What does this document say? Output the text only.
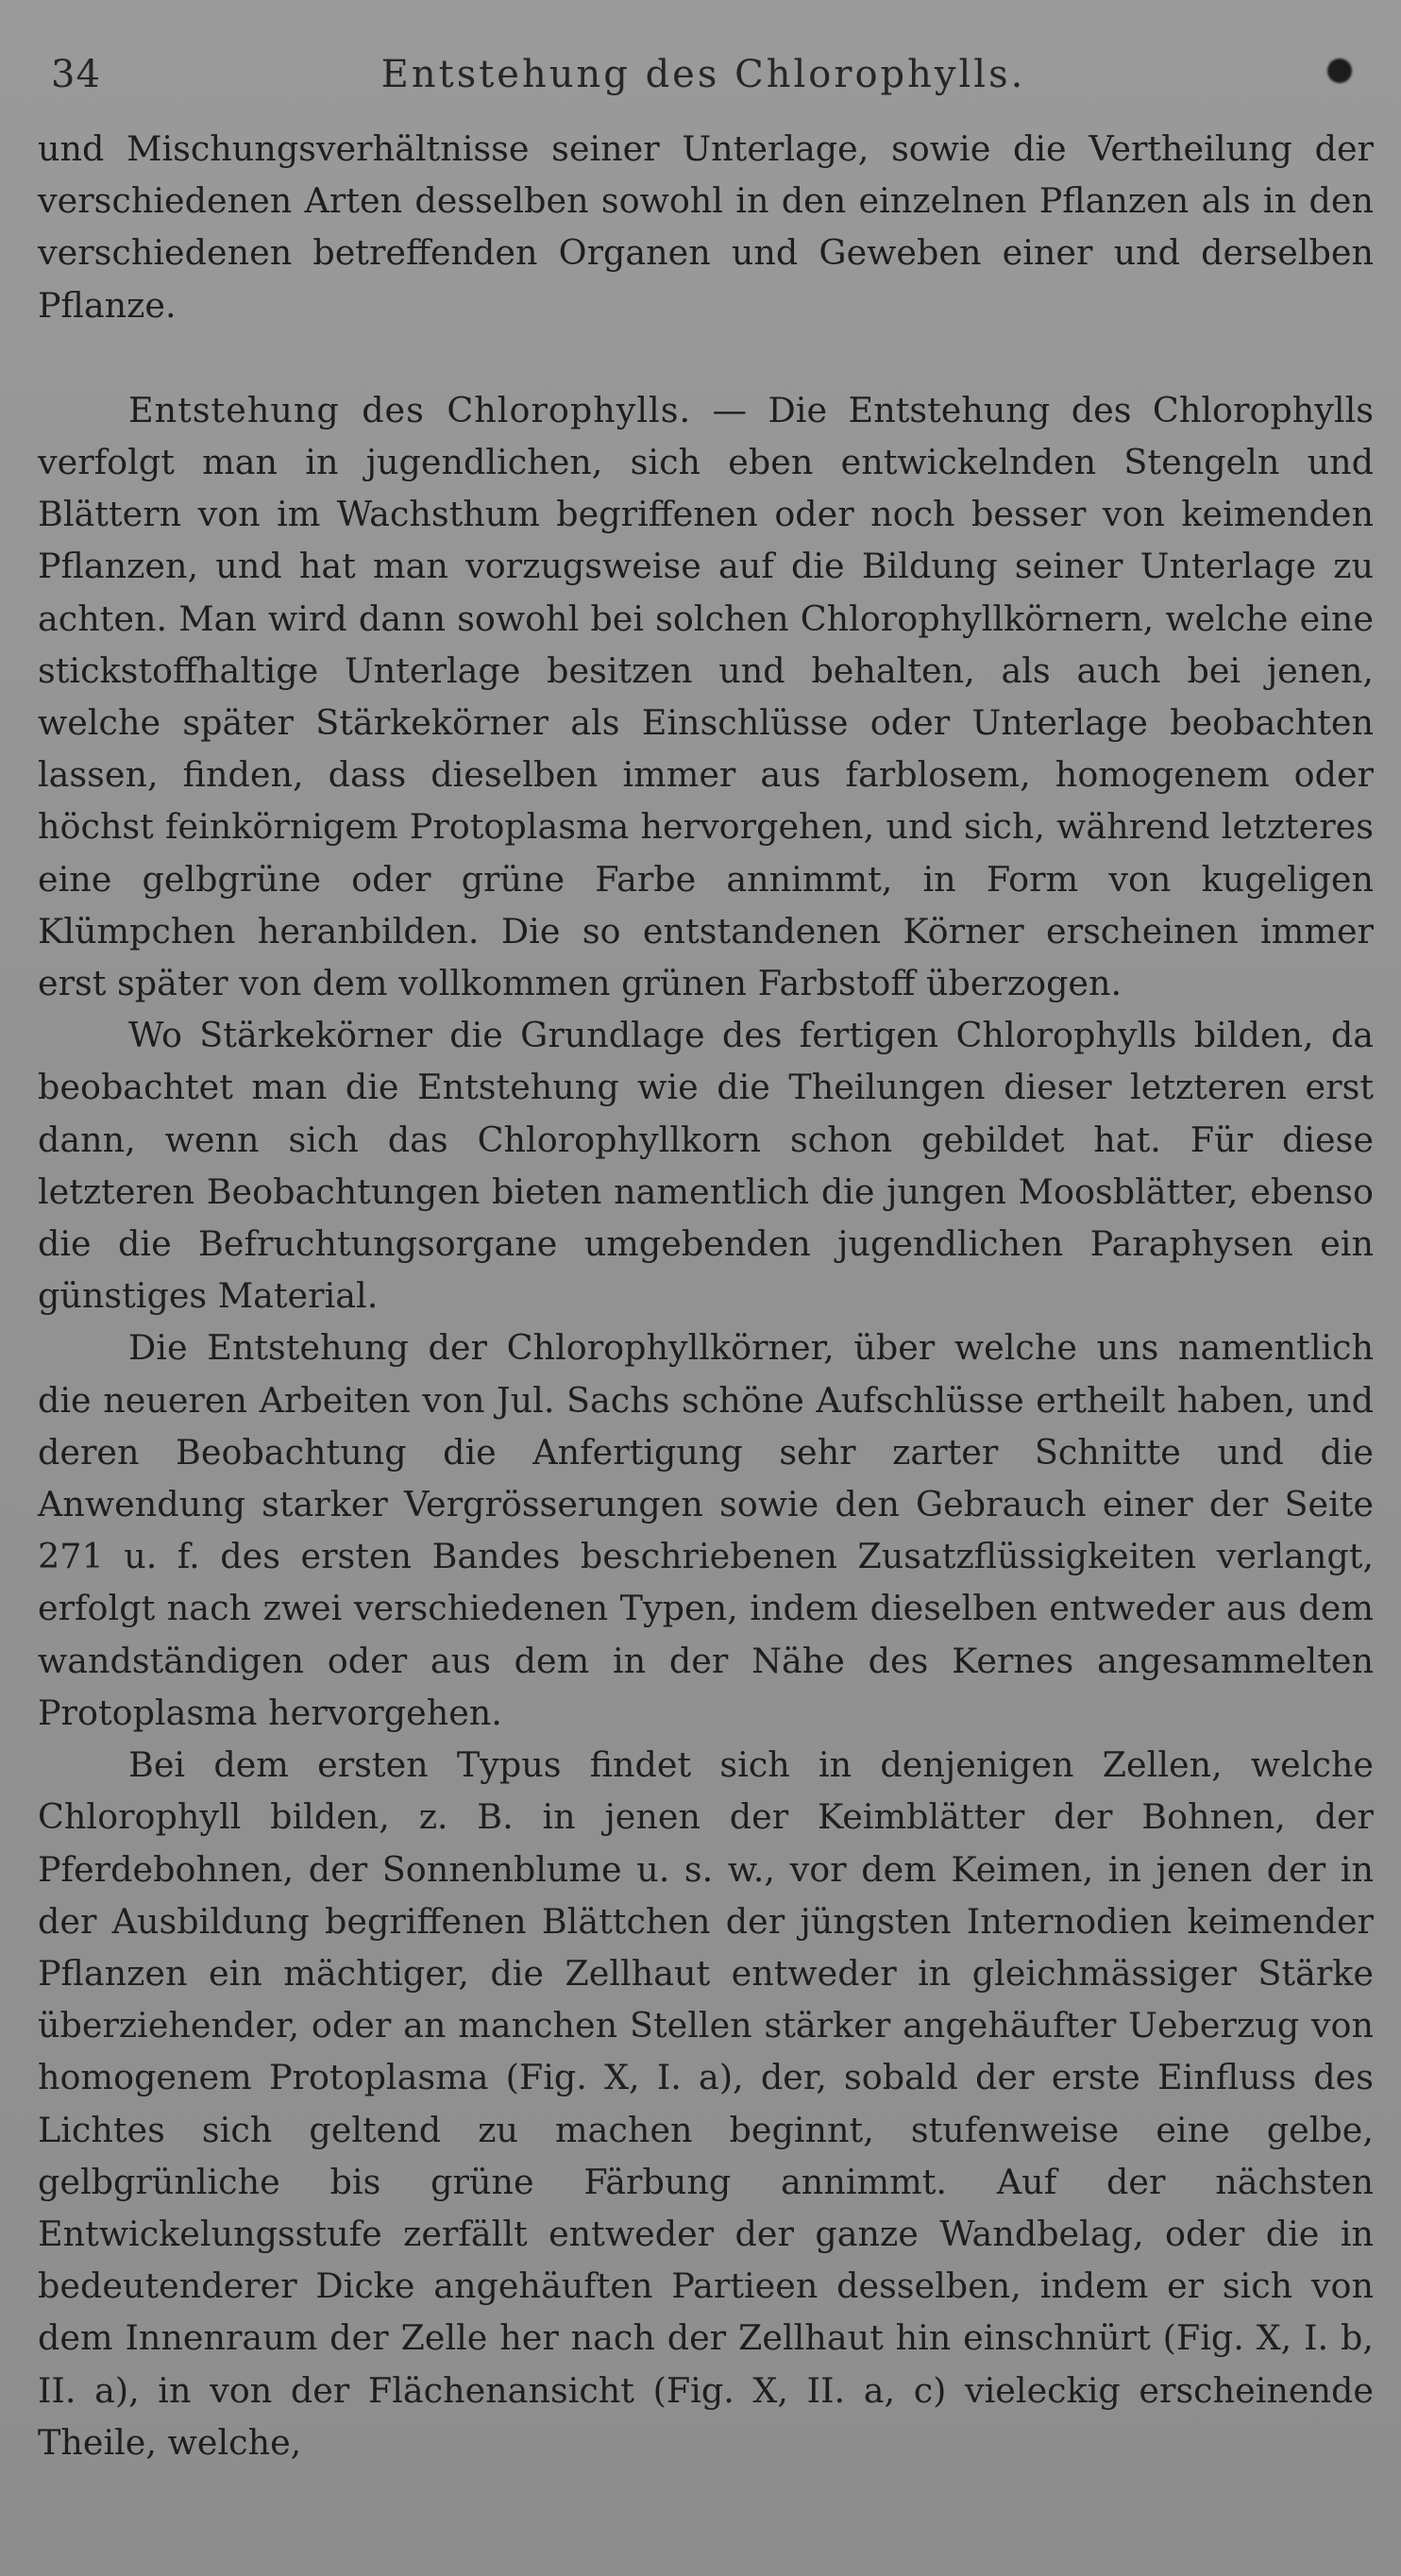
34	Entstehung des Chlorophylls.

und Mischungsverhältnisse seiner Unterlage, sowie die Vertheilung der verschiedenen Arten desselben sowohl in den einzelnen Pflanzen als in den verschiedenen betreffenden Organen und Geweben einer und derselben Pflanze.

Entstehung des Chlorophylls. — Die Entstehung des Chlorophylls verfolgt man in jugendlichen, sich eben entwickelnden Stengeln und Blättern von im Wachsthum begriffenen oder noch besser von keimenden Pflanzen, und hat man vorzugsweise auf die Bildung seiner Unterlage zu achten. Man wird dann sowohl bei solchen Chlorophyllkörnern, welche eine stickstoffhaltige Unterlage besitzen und behalten, als auch bei jenen, welche später Stärkekörner als Einschlüsse oder Unterlage beobachten lassen, finden, dass dieselben immer aus farblosem, homogenem oder höchst feinkörnigem Protoplasma hervorgehen, und sich, während letzteres eine gelbgrüne oder grüne Farbe annimmt, in Form von kugeligen Klümpchen heranbilden. Die so entstandenen Körner erscheinen immer erst später von dem vollkommen grünen Farbstoff überzogen.

Wo Stärkekörner die Grundlage des fertigen Chlorophylls bilden, da beobachtet man die Entstehung wie die Theilungen dieser letzteren erst dann, wenn sich das Chlorophyllkorn schon gebildet hat. Für diese letzteren Beobachtungen bieten namentlich die jungen Moosblätter, ebenso die die Befruchtungsorgane umgebenden jugendlichen Paraphysen ein günstiges Material.

Die Entstehung der Chlorophyllkörner, über welche uns namentlich die neueren Arbeiten von Jul. Sachs schöne Aufschlüsse ertheilt haben, und deren Beobachtung die Anfertigung sehr zarter Schnitte und die Anwendung starker Vergrösserungen sowie den Gebrauch einer der Seite 271 u. f. des ersten Bandes beschriebenen Zusatzflüssigkeiten verlangt, erfolgt nach zwei verschiedenen Typen, indem dieselben entweder aus dem wandständigen oder aus dem in der Nähe des Kernes angesammelten Protoplasma hervorgehen.

Bei dem ersten Typus findet sich in denjenigen Zellen, welche Chlorophyll bilden, z. B. in jenen der Keimblätter der Bohnen, der Pferdebohnen, der Sonnenblume u. s. w., vor dem Keimen, in jenen der in der Ausbildung begriffenen Blättchen der jüngsten Internodien keimender Pflanzen ein mächtiger, die Zellhaut entweder in gleichmässiger Stärke überziehender, oder an manchen Stellen stärker angehäufter Ueberzug von homogenem Protoplasma (Fig. X, I. a), der, sobald der erste Einfluss des Lichtes sich geltend zu machen beginnt, stufenweise eine gelbe, gelbgrünliche bis grüne Färbung annimmt. Auf der nächsten Entwickelungsstufe zerfällt entweder der ganze Wandbelag, oder die in bedeutenderer Dicke angehäuften Partieen desselben, indem er sich von dem Innenraum der Zelle her nach der Zellhaut hin einschnürt (Fig. X, I. b, II. a), in von der Flächenansicht (Fig. X, II. a, c) vieleckig erscheinende Theile, welche,
